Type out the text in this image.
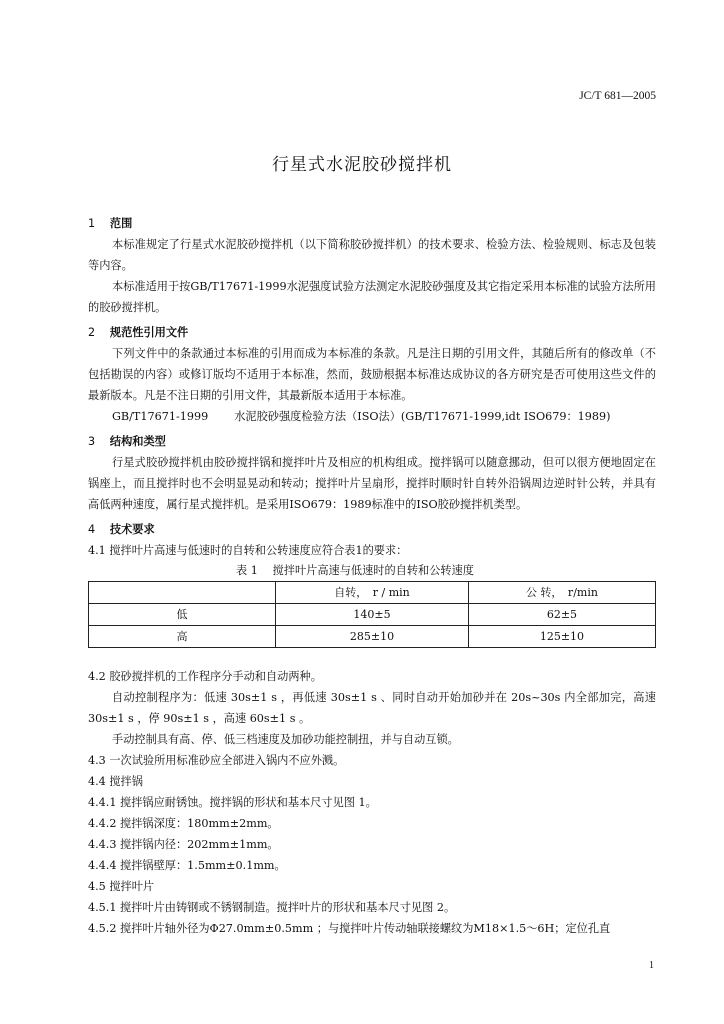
JC/T 681—2005
行星式水泥胶砂搅拌机
1 范围
本标准规定了行星式水泥胶砂搅拌机（以下简称胶砂搅拌机）的技术要求、检验方法、检验规则、标志及包装等内容。
本标准适用于按GB/T17671-1999水泥强度试验方法测定水泥胶砂强度及其它指定采用本标准的试验方法所用的胶砂搅拌机。
2 规范性引用文件
下列文件中的条款通过本标准的引用而成为本标准的条款。凡是注日期的引用文件，其随后所有的修改单（不包括勘误的内容）或修订版均不适用于本标准，然而，鼓励根据本标准达成协议的各方研究是否可使用这些文件的最新版本。凡是不注日期的引用文件，其最新版本适用于本标准。
GB/T17671-1999 水泥胶砂强度检验方法（ISO法）(GB/T17671-1999,idt ISO679：1989)
3 结构和类型
行星式胶砂搅拌机由胶砂搅拌锅和搅拌叶片及相应的机构组成。搅拌锅可以随意挪动，但可以很方便地固定在锅座上，而且搅拌时也不会明显晃动和转动；搅拌叶片呈扇形，搅拌时顺时针自转外沿锅周边逆时针公转，并具有高低两种速度，属行星式搅拌机。是采用ISO679：1989标准中的ISO胶砂搅拌机类型。
4 技术要求
4.1 搅拌叶片高速与低速时的自转和公转速度应符合表1的要求：
表 1　 搅拌叶片高速与低速时的自转和公转速度
	自转，　r / min	公 转，　r/min
低	140±5	62±5
高	285±10	125±10
4.2 胶砂搅拌机的工作程序分手动和自动两种。
自动控制程序为：低速 30s±1 s ，再低速 30s±1 s 、同时自动开始加砂并在 20s~30s 内全部加完，高速 30s±1 s ，停 90s±1 s ，高速 60s±1 s 。
手动控制具有高、停、低三档速度及加砂功能控制扭，并与自动互锁。
4.3 一次试验所用标准砂应全部进入锅内不应外溅。
4.4 搅拌锅
4.4.1 搅拌锅应耐锈蚀。搅拌锅的形状和基本尺寸见图 1。
4.4.2 搅拌锅深度：180mm±2mm。
4.4.3 搅拌锅内径：202mm±1mm。
4.4.4 搅拌锅壁厚：1.5mm±0.1mm。
4.5 搅拌叶片
4.5.1 搅拌叶片由铸钢或不锈钢制造。搅拌叶片的形状和基本尺寸见图 2。
4.5.2 搅拌叶片轴外径为Φ27.0mm±0.5mm ；与搅拌叶片传动轴联接螺纹为M18×1.5～6H；定位孔直
1
